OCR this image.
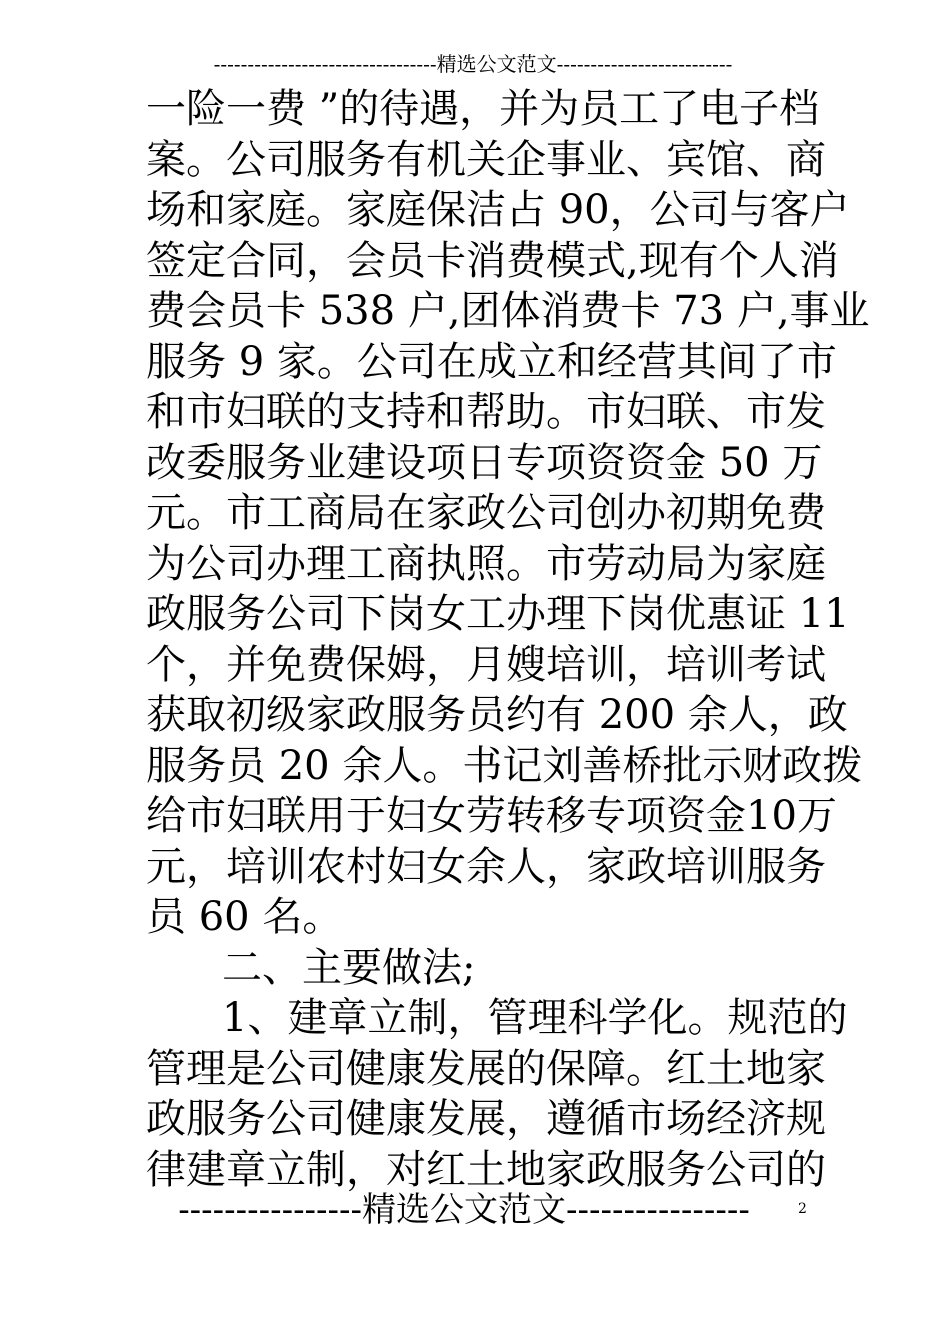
---------------------------------精选公文范文--------------------------
一险一费 ”的待遇，并为员工了电子档
案。公司服务有机关企事业、宾馆、商
场和家庭。家庭保洁占 90，公司与客户
签定合同，会员卡消费模式,现有个人消
费会员卡 538 户,团体消费卡 73 户,事业
服务 9 家。公司在成立和经营其间了市
和市妇联的支持和帮助。市妇联、市发
改委服务业建设项日专项资资金 50 万
元。市工商局在家政公司创办初期免费
为公司办理工商执照。市劳动局为家庭
政服务公司下岗女工办理下岗优惠证 11
个，并免费保姆，月嫂培训，培训考试
获取初级家政服务员约有 200 余人，政
服务员 20 余人。书记刘善桥批示财政拨
给市妇联用于妇女劳转移专项资金10万
元，培训农村妇女余人，家政培训服务
员 60 名。
二、主要做法;
1、建章立制，管理科学化。规范的
管理是公司健康发展的保障。红土地家
政服务公司健康发展，遵循市场经济规
律建章立制，对红土地家政服务公司的
----------------精选公文范文----------------	2
